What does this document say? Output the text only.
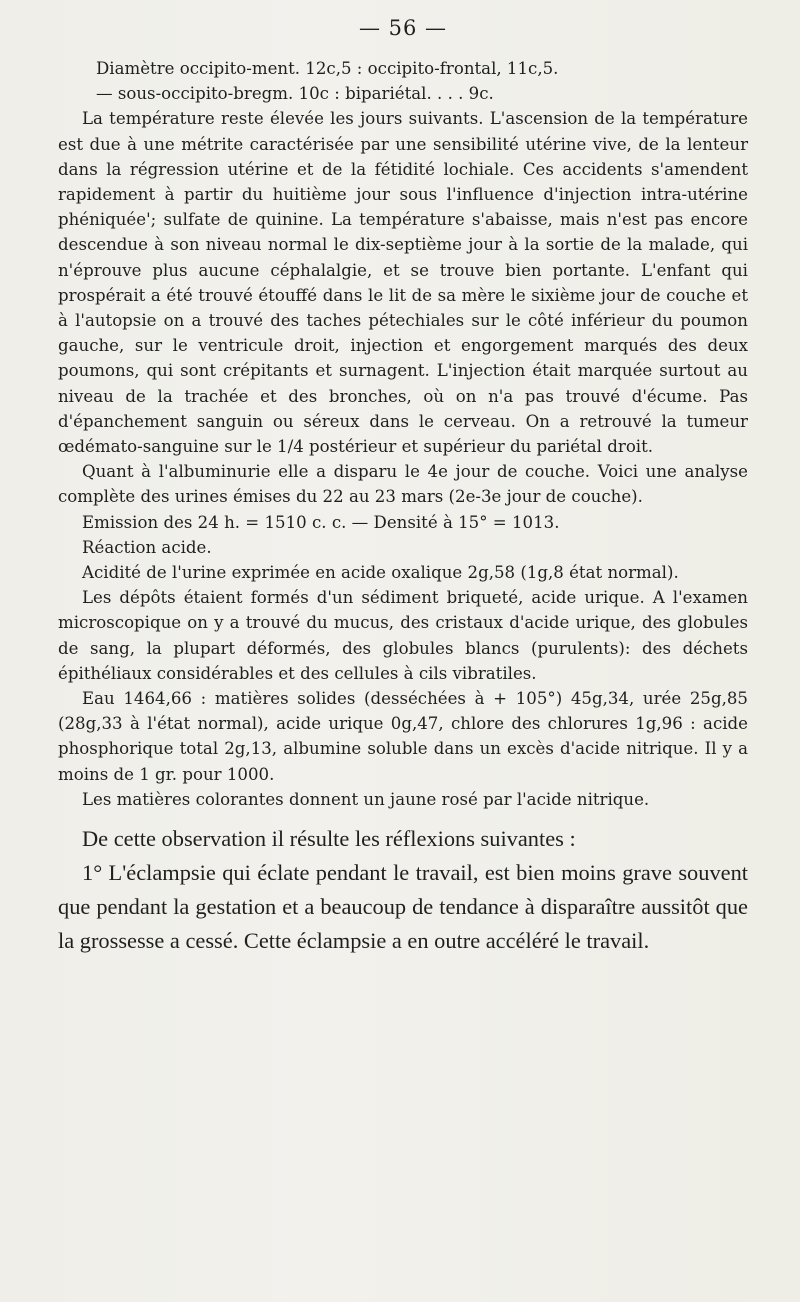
— 56 —

Diamètre occipito-ment. 12c,5 : occipito-frontal, 11c,5.

— sous-occipito-bregm. 10c : bipariétal. . . . 9c.

La température reste élevée les jours suivants. L'ascension de la température est due à une métrite caractérisée par une sensibilité utérine vive, de la lenteur dans la régression utérine et de la fétidité lochiale. Ces accidents s'amendent rapidement à partir du huitième jour sous l'influence d'injection intra-utérine phéniquée'; sulfate de quinine. La température s'abaisse, mais n'est pas encore descendue à son niveau normal le dix-septième jour à la sortie de la malade, qui n'éprouve plus aucune céphalalgie, et se trouve bien portante. L'enfant qui prospérait a été trouvé étouffé dans le lit de sa mère le sixième jour de couche et à l'autopsie on a trouvé des taches pétechiales sur le côté inférieur du poumon gauche, sur le ventricule droit, injection et engorgement marqués des deux poumons, qui sont crépitants et surnagent. L'injection était marquée surtout au niveau de la trachée et des bronches, où on n'a pas trouvé d'écume. Pas d'épanchement sanguin ou séreux dans le cerveau. On a retrouvé la tumeur œdémato-sanguine sur le 1/4 postérieur et supérieur du pariétal droit.

Quant à l'albuminurie elle a disparu le 4e jour de couche. Voici une analyse complète des urines émises du 22 au 23 mars (2e-3e jour de couche).

Emission des 24 h. = 1510 c. c. — Densité à 15° = 1013.

Réaction acide.

Acidité de l'urine exprimée en acide oxalique 2g,58 (1g,8 état normal).

Les dépôts étaient formés d'un sédiment briqueté, acide urique. A l'examen microscopique on y a trouvé du mucus, des cristaux d'acide urique, des globules de sang, la plupart déformés, des globules blancs (purulents): des déchets épithéliaux considérables et des cellules à cils vibratiles.

Eau 1464,66 : matières solides (desséchées à + 105°) 45g,34, urée 25g,85 (28g,33 à l'état normal), acide urique 0g,47, chlore des chlorures 1g,96 : acide phosphorique total 2g,13, albumine soluble dans un excès d'acide nitrique. Il y a moins de 1 gr. pour 1000.

Les matières colorantes donnent un jaune rosé par l'acide nitrique.

De cette observation il résulte les réflexions suivantes :

1° L'éclampsie qui éclate pendant le travail, est bien moins grave souvent que pendant la gestation et a beaucoup de tendance à disparaître aussitôt que la grossesse a cessé. Cette éclampsie a en outre accéléré le travail.
